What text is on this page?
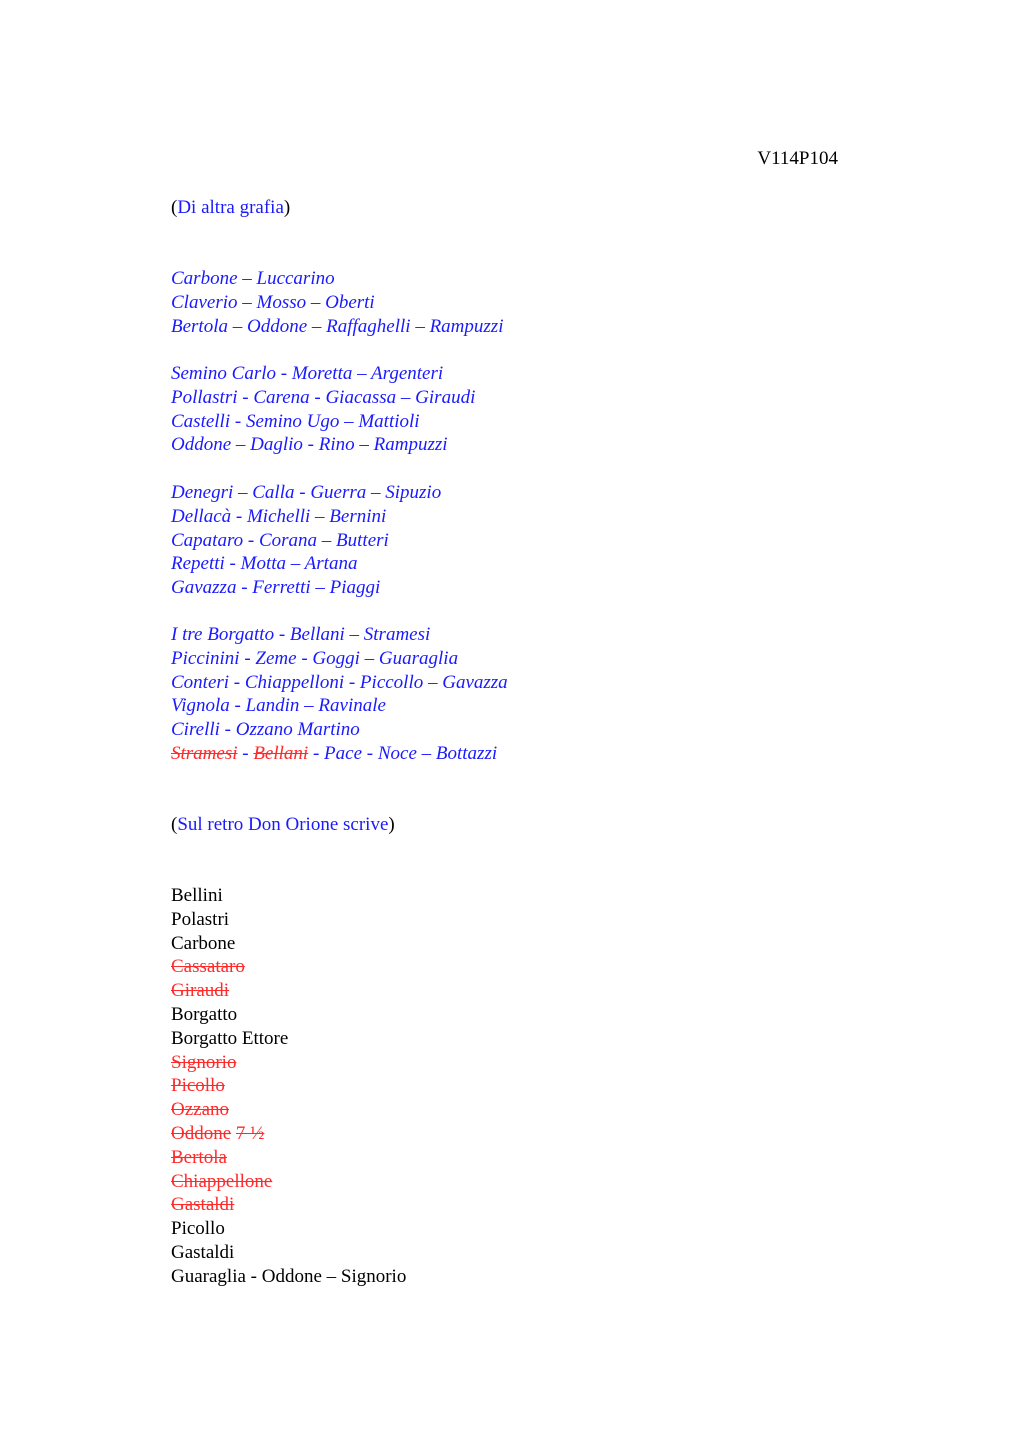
V114P104
(Di altra grafia)
Carbone – Luccarino
Claverio – Mosso – Oberti
Bertola – Oddone – Raffaghelli – Rampuzzi
Semino Carlo - Moretta – Argenteri
Pollastri - Carena - Giacassa – Giraudi
Castelli - Semino Ugo – Mattioli
Oddone – Daglio - Rino – Rampuzzi
Denegri – Calla - Guerra – Sipuzio
Dellacà - Michelli – Bernini
Capataro - Corana – Butteri
Repetti - Motta – Artana
Gavazza - Ferretti – Piaggi
I tre Borgatto - Bellani – Stramesi
Piccinini - Zeme - Goggi – Guaraglia
Conteri - Chiappelloni - Piccollo – Gavazza
Vignola - Landin – Ravinale
Cirelli - Ozzano Martino
Stramesi - Bellani - Pace - Noce – Bottazzi
(Sul retro Don Orione scrive)
Bellini
Polastri
Carbone
Cassataro
Giraudi
Borgatto
Borgatto Ettore
Signorio
Picollo
Ozzano
Oddone 7 ½
Bertola
Chiappellone
Gastaldi
Picollo
Gastaldi
Guaraglia - Oddone – Signorio
